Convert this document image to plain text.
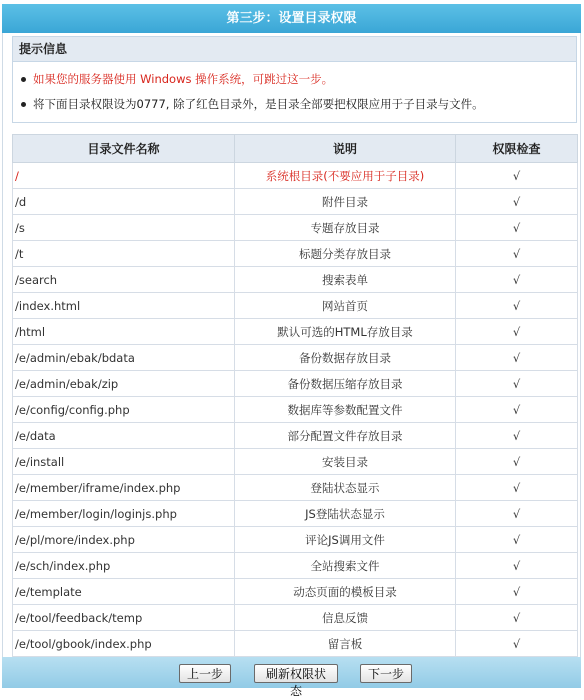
第三步：设置目录权限
提示信息
如果您的服务器使用 Windows 操作系统，可跳过这一步。
将下面目录权限设为0777, 除了红色目录外，是目录全部要把权限应用于子目录与文件。
目录文件名称	说明	权限检查
/	系统根目录(不要应用于子目录)	√
/d	附件目录	√
/s	专题存放目录	√
/t	标题分类存放目录	√
/search	搜索表单	√
/index.html	网站首页	√
/html	默认可选的HTML存放目录	√
/e/admin/ebak/bdata	备份数据存放目录	√
/e/admin/ebak/zip	备份数据压缩存放目录	√
/e/config/config.php	数据库等参数配置文件	√
/e/data	部分配置文件存放目录	√
/e/install	安装目录	√
/e/member/iframe/index.php	登陆状态显示	√
/e/member/login/loginjs.php	JS登陆状态显示	√
/e/pl/more/index.php	评论JS调用文件	√
/e/sch/index.php	全站搜索文件	√
/e/template	动态页面的模板目录	√
/e/tool/feedback/temp	信息反馈	√
/e/tool/gbook/index.php	留言板	√
上一步	刷新权限状态
下一步
